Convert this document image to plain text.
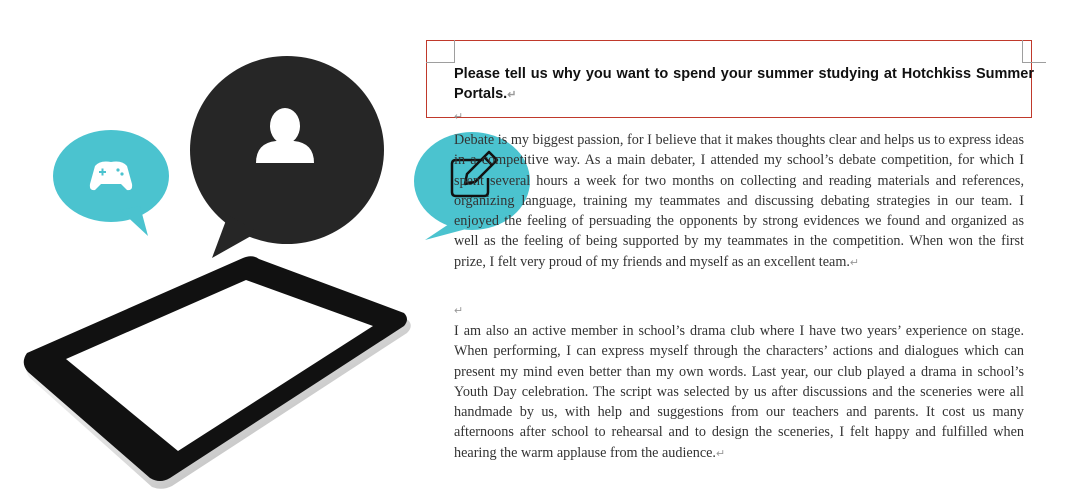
Please tell us why you want to spend your summer studying at Hotchkiss Summer Portals.↵
↵
Debate is my biggest passion, for I believe that it makes thoughts clear and helps us to express ideas in a competitive way. As a main debater, I attended my school’s debate competition, for which I spent several hours a week for two months on collecting and reading materials and references, organizing language, training my teammates and discussing debating strategies in our team. I enjoyed the feeling of persuading the opponents by strong evidences we found and organized as well as the feeling of being supported by my teammates in the competition. When won the first prize, I felt very proud of my friends and myself as an excellent team.↵
↵
I am also an active member in school’s drama club where I have two years’ experience on stage. When performing, I can express myself through the characters’ actions and dialogues which can present my mind even better than my own words. Last year, our club played a drama in school’s Youth Day celebration. The script was selected by us after discussions and the sceneries were all handmade by us, with help and suggestions from our teachers and parents. It cost us many afternoons after school to rehearsal and to design the sceneries, I felt happy and fulfilled when hearing the warm applause from the audience.↵
